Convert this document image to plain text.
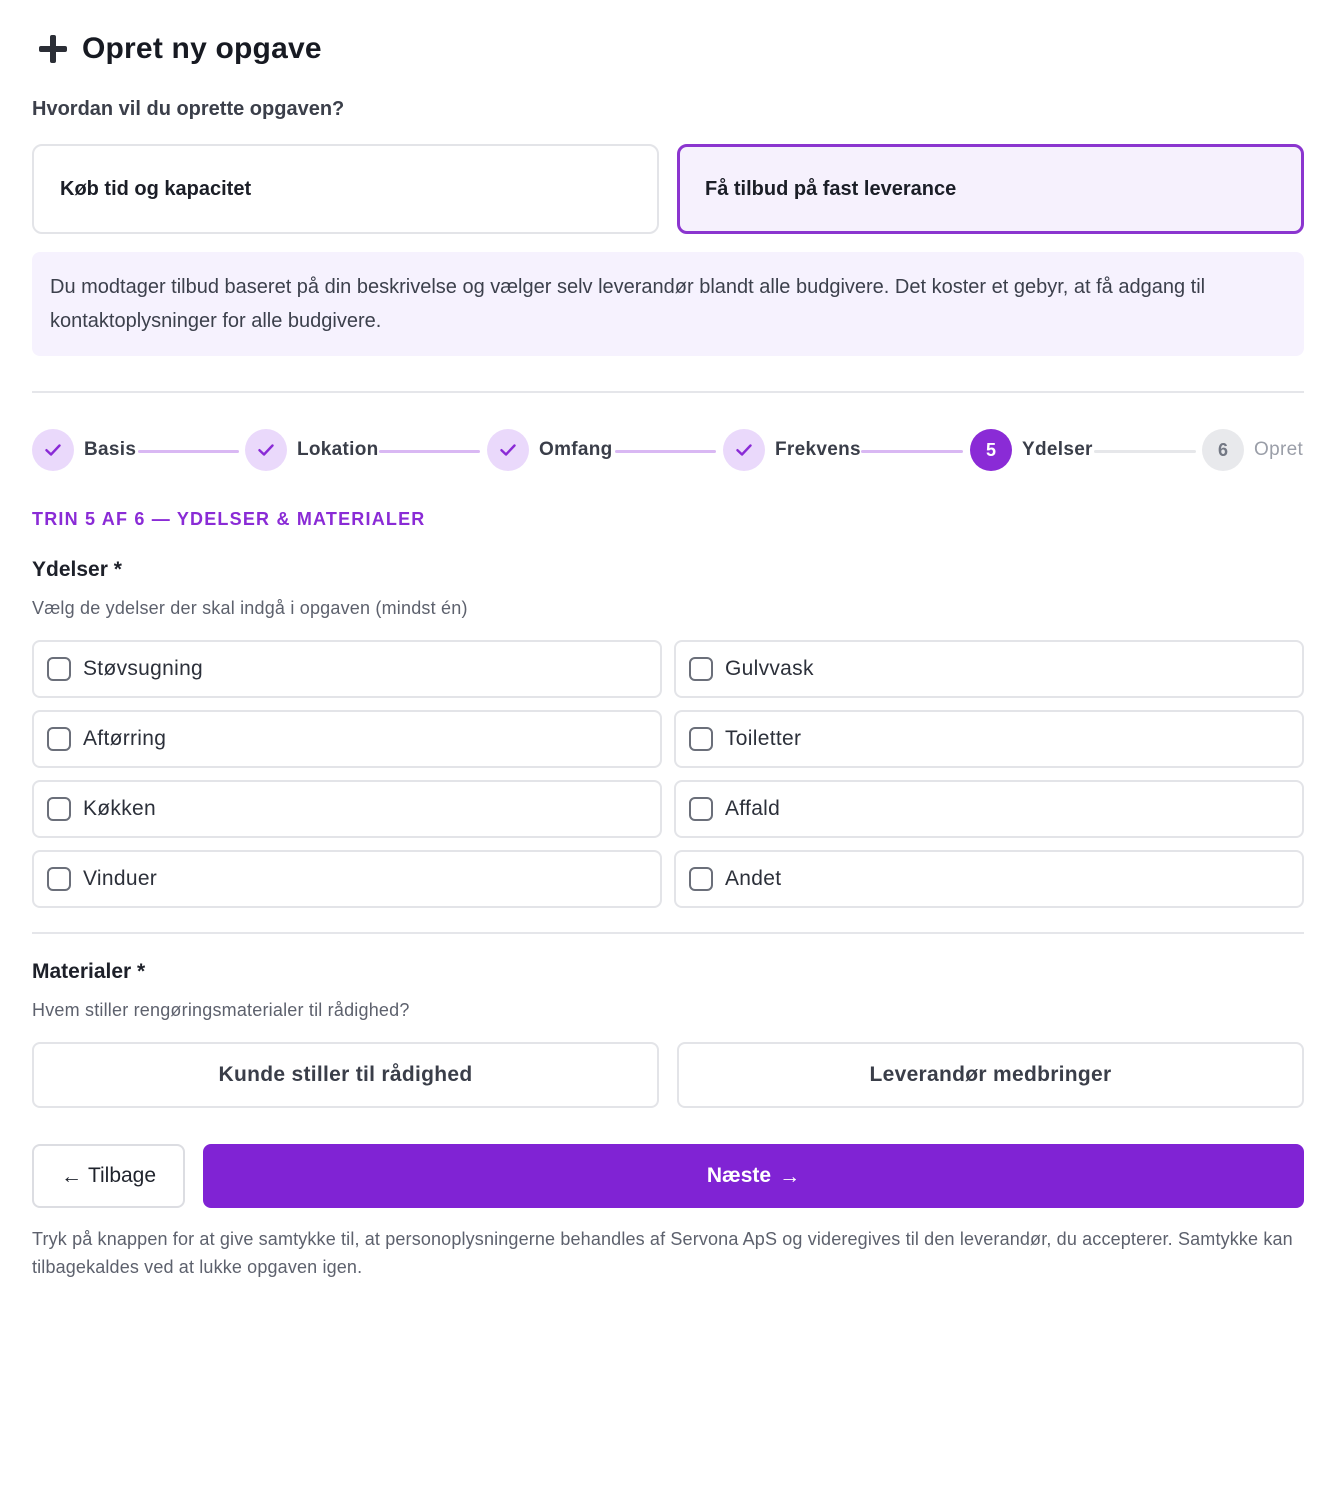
Opret ny opgave
Hvordan vil du oprette opgaven?
Køb tid og kapacitet	Få tilbud på fast leverance
Du modtager tilbud baseret på din beskrivelse og vælger selv leverandør blandt alle budgivere. Det koster et gebyr, at få adgang til kontaktoplysninger for alle budgivere.
Basis	Lokation	Omfang	Frekvens	5	Ydelser	6	Opret
TRIN 5 AF 6 — YDELSER & MATERIALER
Ydelser *
Vælg de ydelser der skal indgå i opgaven (mindst én)
Støvsugning	Gulvvask
Aftørring	Toiletter
Køkken	Affald
Vinduer	Andet
Materialer *
Hvem stiller rengøringsmaterialer til rådighed?
Kunde stiller til rådighed	Leverandør medbringer
← Tilbage	Næste →

Tryk på knappen for at give samtykke til, at personoplysningerne behandles af Servona ApS og videregives til den leverandør, du accepterer. Samtykke kan tilbagekaldes ved at lukke opgaven igen.
